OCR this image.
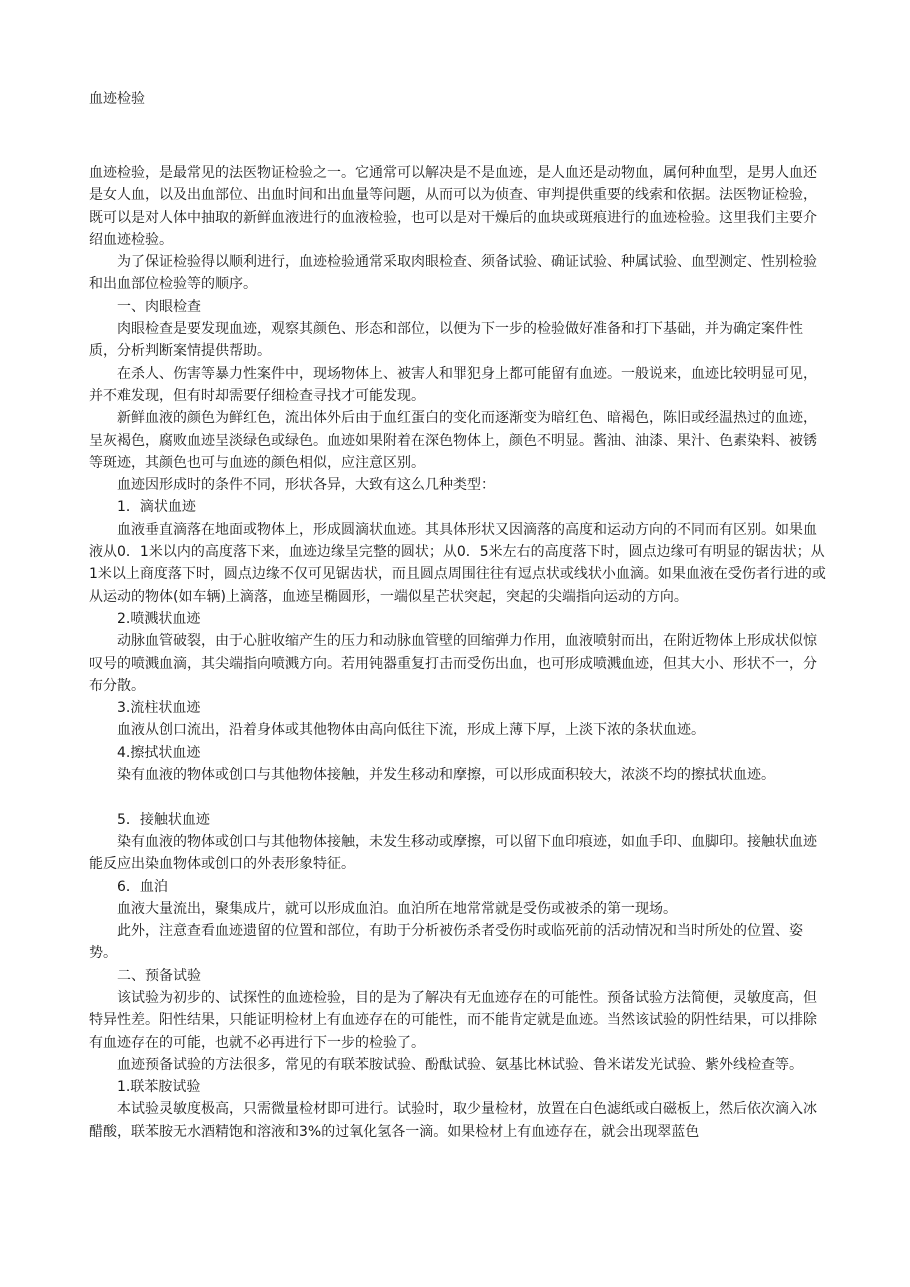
血迹检验

血迹检验，是最常见的法医物证检验之一。它通常可以解决是不是血迹，是人血还是动物血，属何种血型，是男人血还是女人血，以及出血部位、出血时间和出血量等问题，从而可以为侦查、审判提供重要的线索和依据。法医物证检验，既可以是对人体中抽取的新鲜血液进行的血液检验，也可以是对干燥后的血块或斑痕进行的血迹检验。这里我们主要介绍血迹检验。

　　为了保证检验得以顺利进行，血迹检验通常采取肉眼检查、须备试验、确证试验、种属试验、血型测定、性别检验和出血部位检验等的顺序。

　　一、肉眼检查

　　肉眼检查是要发现血迹，观察其颜色、形态和部位，以便为下一步的检验做好准备和打下基础，并为确定案件性质，分析判断案情提供帮助。

　　在杀人、伤害等暴力性案件中，现场物体上、被害人和罪犯身上都可能留有血迹。一般说来，血迹比较明显可见，并不难发现，但有时却需要仔细检查寻找才可能发现。

　　新鲜血液的颜色为鲜红色，流出体外后由于血红蛋白的变化而逐渐变为暗红色、暗褐色，陈旧或经温热过的血迹，呈灰褐色，腐败血迹呈淡绿色或绿色。血迹如果附着在深色物体上，颜色不明显。酱油、油漆、果汁、色素染料、被锈等斑迹，其颜色也可与血迹的颜色相似，应注意区别。

　　血迹因形成时的条件不同，形状各异，大致有这么几种类型：

　　1．滴状血迹

　　血液垂直滴落在地面或物体上，形成圆滴状血迹。其具体形状又因滴落的高度和运动方向的不同而有区别。如果血液从0．1米以内的高度落下来，血迹边缘呈完整的圆状；从0．5米左右的高度落下时，圆点边缘可有明显的锯齿状；从1米以上商度落下时，圆点边缘不仅可见锯齿状，而且圆点周围往往有逗点状或线状小血滴。如果血液在受伤者行进的或从运动的物体(如车辆)上滴落，血迹呈椭圆形，一端似星芒状突起，突起的尖端指向运动的方向。

　　2.喷溅状血迹

　　动脉血管破裂，由于心脏收缩产生的压力和动脉血管壁的回缩弹力作用，血液喷射而出，在附近物体上形成状似惊叹号的喷溅血滴，其尖端指向喷溅方向。若用钝器重复打击而受伤出血，也可形成喷溅血迹，但其大小、形状不一，分布分散。

　　3.流柱状血迹

　　血液从创口流出，沿着身体或其他物体由高向低往下流，形成上薄下厚，上淡下浓的条状血迹。

　　4.擦拭状血迹

　　染有血液的物体或创口与其他物体接触，并发生移动和摩擦，可以形成面积较大，浓淡不均的擦拭状血迹。

　　5．接触状血迹

　　染有血液的物体或创口与其他物体接触，未发生移动或摩擦，可以留下血印痕迹，如血手印、血脚印。接触状血迹能反应出染血物体或创口的外表形象特征。

　　6．血泊

　　血液大量流出，聚集成片，就可以形成血泊。血泊所在地常常就是受伤或被杀的第一现场。

　　此外，注意查看血迹遗留的位置和部位，有助于分析被伤杀者受伤时或临死前的活动情况和当时所处的位置、姿势。

　　二、预备试验

　　该试验为初步的、试探性的血迹检验，目的是为了解决有无血迹存在的可能性。预备试验方法简便，灵敏度高，但特异性差。阳性结果，只能证明检材上有血迹存在的可能性，而不能肯定就是血迹。当然该试验的阴性结果，可以排除有血迹存在的可能，也就不必再进行下一步的检验了。

　　血迹预备试验的方法很多，常见的有联苯胺试验、酚酞试验、氨基比林试验、鲁米诺发光试验、紫外线检查等。

　　1.联苯胺试验

　　本试验灵敏度极高，只需微量检材即可进行。试验时，取少量检材，放置在白色滤纸或白磁板上，然后依次滴入冰醋酸，联苯胺无水酒精饱和溶液和3%的过氧化氢各一滴。如果检材上有血迹存在，就会出现翠蓝色
